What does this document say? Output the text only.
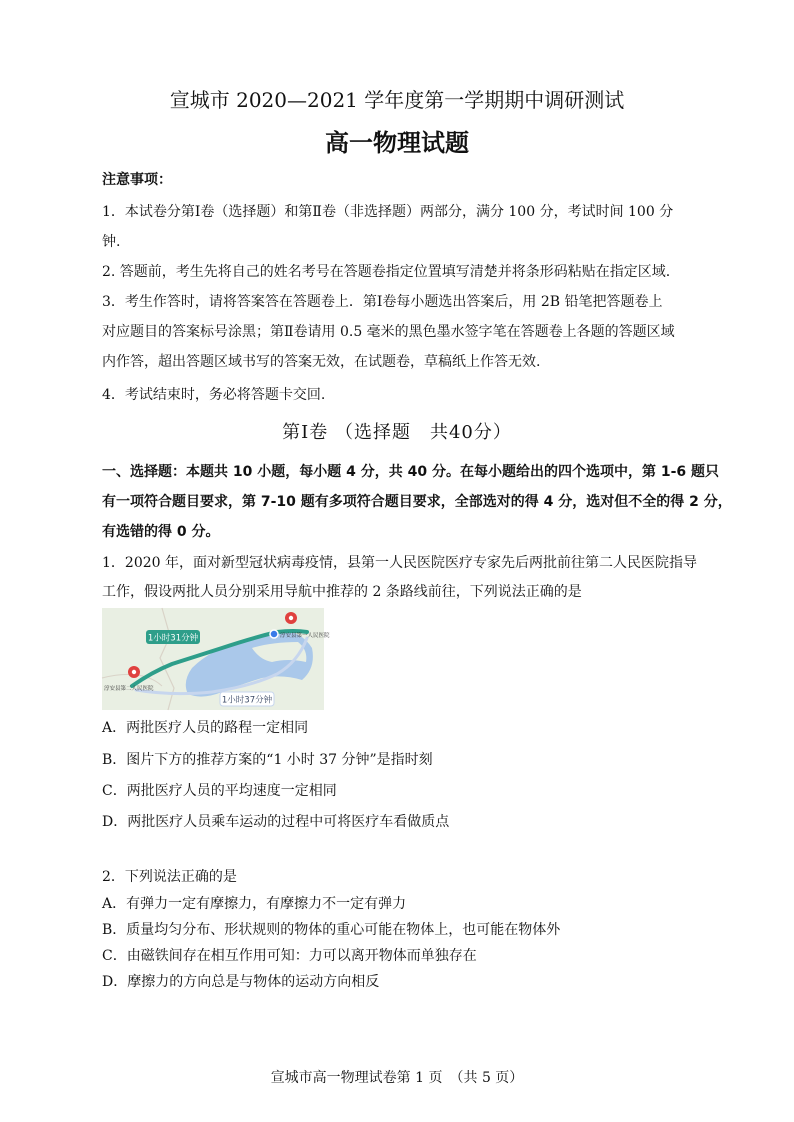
宣城市 2020—2021 学年度第一学期期中调研测试
高一物理试题
注意事项：
1．本试卷分第Ⅰ卷（选择题）和第Ⅱ卷（非选择题）两部分，满分 100 分，考试时间 100 分
钟.
2. 答题前，考生先将自己的姓名考号在答题卷指定位置填写清楚并将条形码粘贴在指定区域.
3．考生作答时，请将答案答在答题卷上．第Ⅰ卷每小题选出答案后，用 2B 铅笔把答题卷上
对应题目的答案标号涂黑；第Ⅱ卷请用 0.5 毫米的黑色墨水签字笔在答题卷上各题的答题区域
内作答，超出答题区域书写的答案无效，在试题卷，草稿纸上作答无效.
4．考试结束时，务必将答题卡交回.
第Ⅰ卷 （选择题　共40分）
一、选择题：本题共 10 小题，每小题 4 分，共 40 分。在每小题给出的四个选项中，第 1-6 题只
有一项符合题目要求，第 7-10 题有多项符合题目要求，全部选对的得 4 分，选对但不全的得 2 分，
有选错的得 0 分。
1．2020 年，面对新型冠状病毒疫情，县第一人民医院医疗专家先后两批前往第二人民医院指导
工作，假设两批人员分别采用导航中推荐的 2 条路线前往，下列说法正确的是
1小时31分钟
1小时37分钟
淳安县第一人民医院
淳安县第二人民医院
A．两批医疗人员的路程一定相同
B．图片下方的推荐方案的“1 小时 37 分钟”是指时刻
C．两批医疗人员的平均速度一定相同
D．两批医疗人员乘车运动的过程中可将医疗车看做质点
2．下列说法正确的是
A．有弹力一定有摩擦力，有摩擦力不一定有弹力
B．质量均匀分布、形状规则的物体的重心可能在物体上，也可能在物体外
C．由磁铁间存在相互作用可知：力可以离开物体而单独存在
D．摩擦力的方向总是与物体的运动方向相反
宣城市高一物理试卷第 1 页　（共 5 页）
